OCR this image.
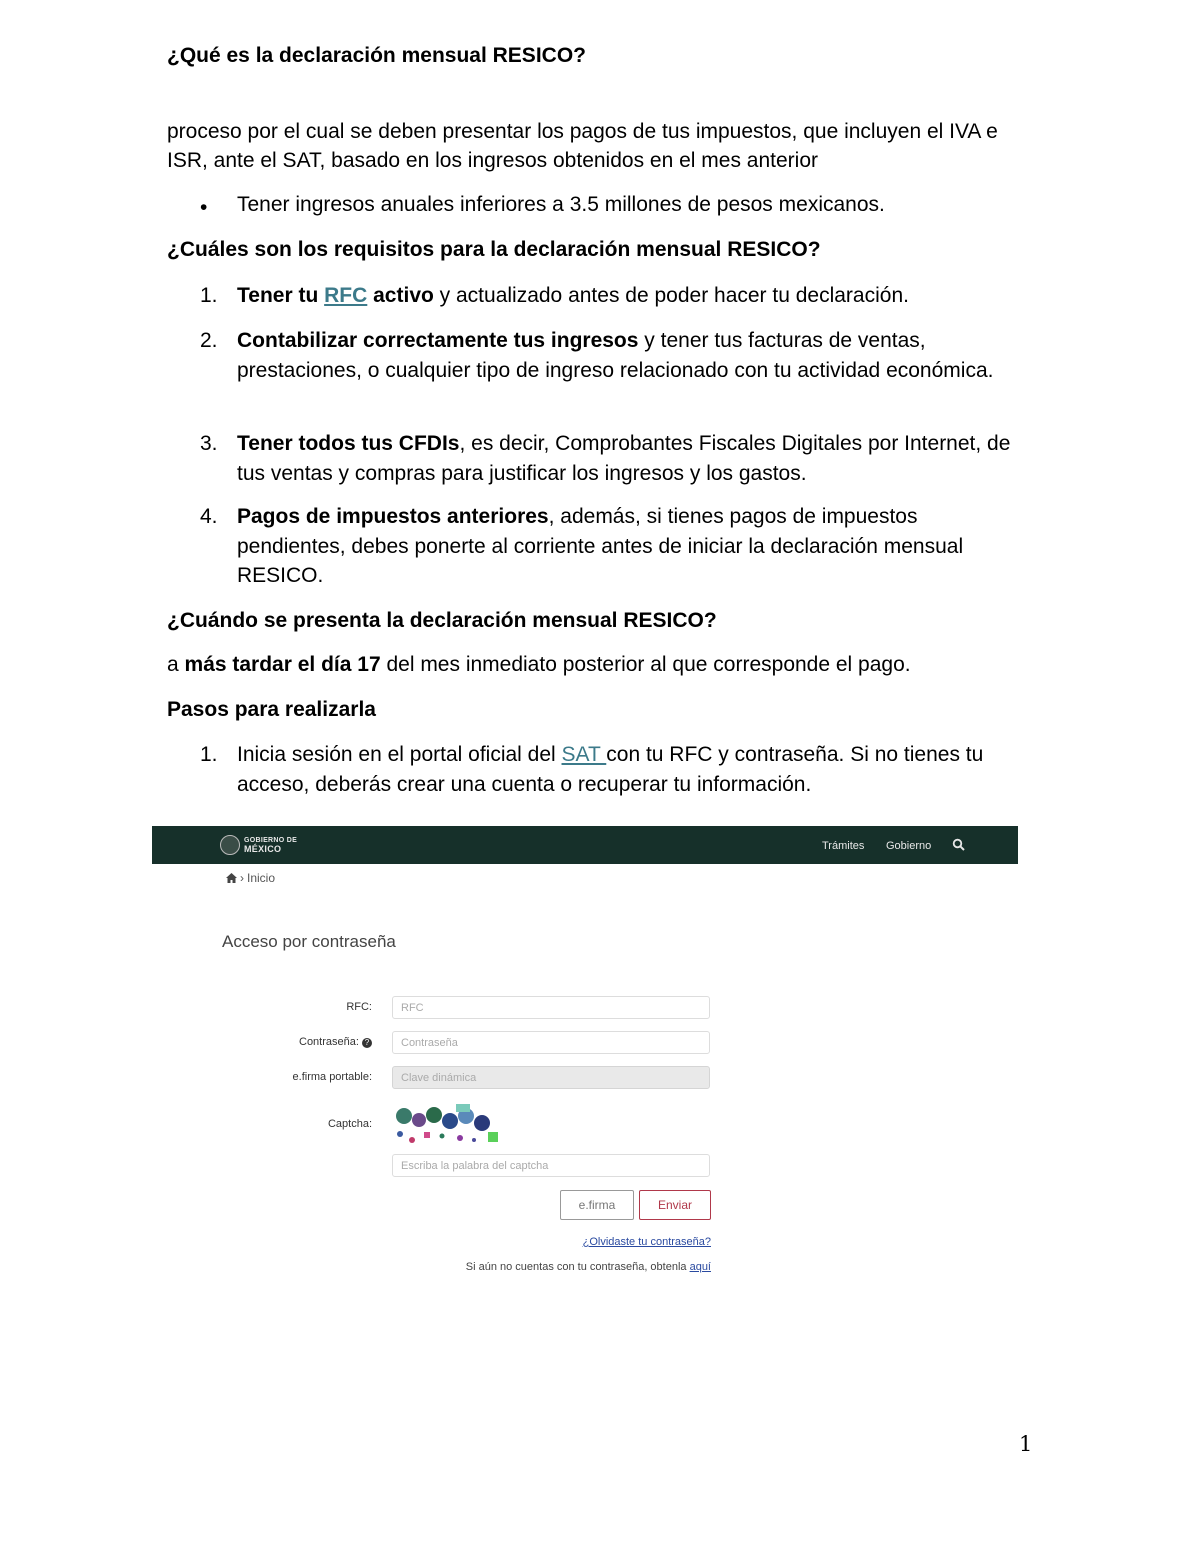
¿Qué es la declaración mensual RESICO?

proceso por el cual se deben presentar los pagos de tus impuestos, que incluyen el IVA e ISR, ante el SAT, basado en los ingresos obtenidos en el mes anterior

• Tener ingresos anuales inferiores a 3.5 millones de pesos mexicanos.

¿Cuáles son los requisitos para la declaración mensual RESICO?

1. Tener tu RFC activo y actualizado antes de poder hacer tu declaración.
2. Contabilizar correctamente tus ingresos y tener tus facturas de ventas, prestaciones, o cualquier tipo de ingreso relacionado con tu actividad económica.
3. Tener todos tus CFDIs, es decir, Comprobantes Fiscales Digitales por Internet, de tus ventas y compras para justificar los ingresos y los gastos.
4. Pagos de impuestos anteriores, además, si tienes pagos de impuestos pendientes, debes ponerte al corriente antes de iniciar la declaración mensual RESICO.

¿Cuándo se presenta la declaración mensual RESICO?

a más tardar el día 17 del mes inmediato posterior al que corresponde el pago.

Pasos para realizarla

1. Inicia sesión en el portal oficial del SAT con tu RFC y contraseña. Si no tienes tu acceso, deberás crear una cuenta o recuperar tu información.
GOBIERNO DE
MÉXICO	Trámites Gobierno
› Inicio
Acceso por contraseña
RFC:	RFC
Contraseña: ?	Contraseña
e.firma portable:	Clave dinámica
Captcha:
Escriba la palabra del captcha
e.firma	Enviar
¿Olvidaste tu contraseña?
Si aún no cuentas con tu contraseña, obtenla aquí
1
